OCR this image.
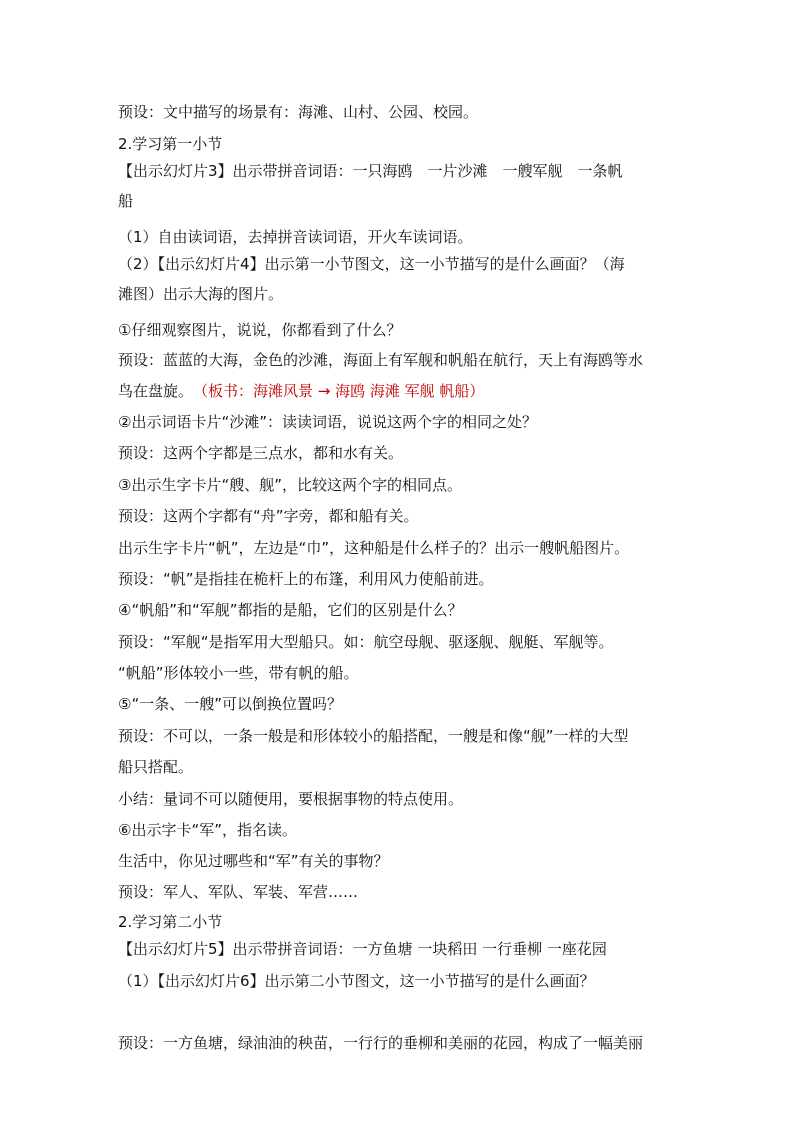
预设：文中描写的场景有：海滩、山村、公园、校园。

2.学习第一小节

【出示幻灯片3】出示带拼音词语：一只海鸥　一片沙滩　一艘军舰　一条帆

船

（1）自由读词语，去掉拼音读词语，开火车读词语。

（2）【出示幻灯片4】出示第一小节图文，这一小节描写的是什么画面？（海

滩图）出示大海的图片。

①仔细观察图片，说说，你都看到了什么？

预设：蓝蓝的大海，金色的沙滩，海面上有军舰和帆船在航行，天上有海鸥等水

鸟在盘旋。 （板书：海滩风景 → 海鸥 海滩 军舰 帆船）

②出示词语卡片“沙滩”：读读词语，说说这两个字的相同之处？

预设：这两个字都是三点水，都和水有关。

③出示生字卡片“艘、舰”，比较这两个字的相同点。

预设：这两个字都有“舟”字旁，都和船有关。

出示生字卡片“帆”，左边是“巾”，这种船是什么样子的？出示一艘帆船图片。

预设：“帆”是指挂在桅杆上的布篷，利用风力使船前进。

④“帆船”和“军舰”都指的是船，它们的区别是什么？

预设：“军舰“是指军用大型船只。如：航空母舰、驱逐舰、舰艇、军舰等。

“帆船”形体较小一些，带有帆的船。

⑤“一条、一艘”可以倒换位置吗？

预设：不可以，一条一般是和形体较小的船搭配，一艘是和像“舰”一样的大型

船只搭配。

小结：量词不可以随便用，要根据事物的特点使用。

⑥出示字卡“军”，指名读。

生活中，你见过哪些和“军”有关的事物？

预设：军人、军队、军装、军营……

2.学习第二小节

【出示幻灯片5】出示带拼音词语：一方鱼塘 一块稻田 一行垂柳 一座花园

（1）【出示幻灯片6】出示第二小节图文，这一小节描写的是什么画面？

预设：一方鱼塘，绿油油的秧苗，一行行的垂柳和美丽的花园，构成了一幅美丽
